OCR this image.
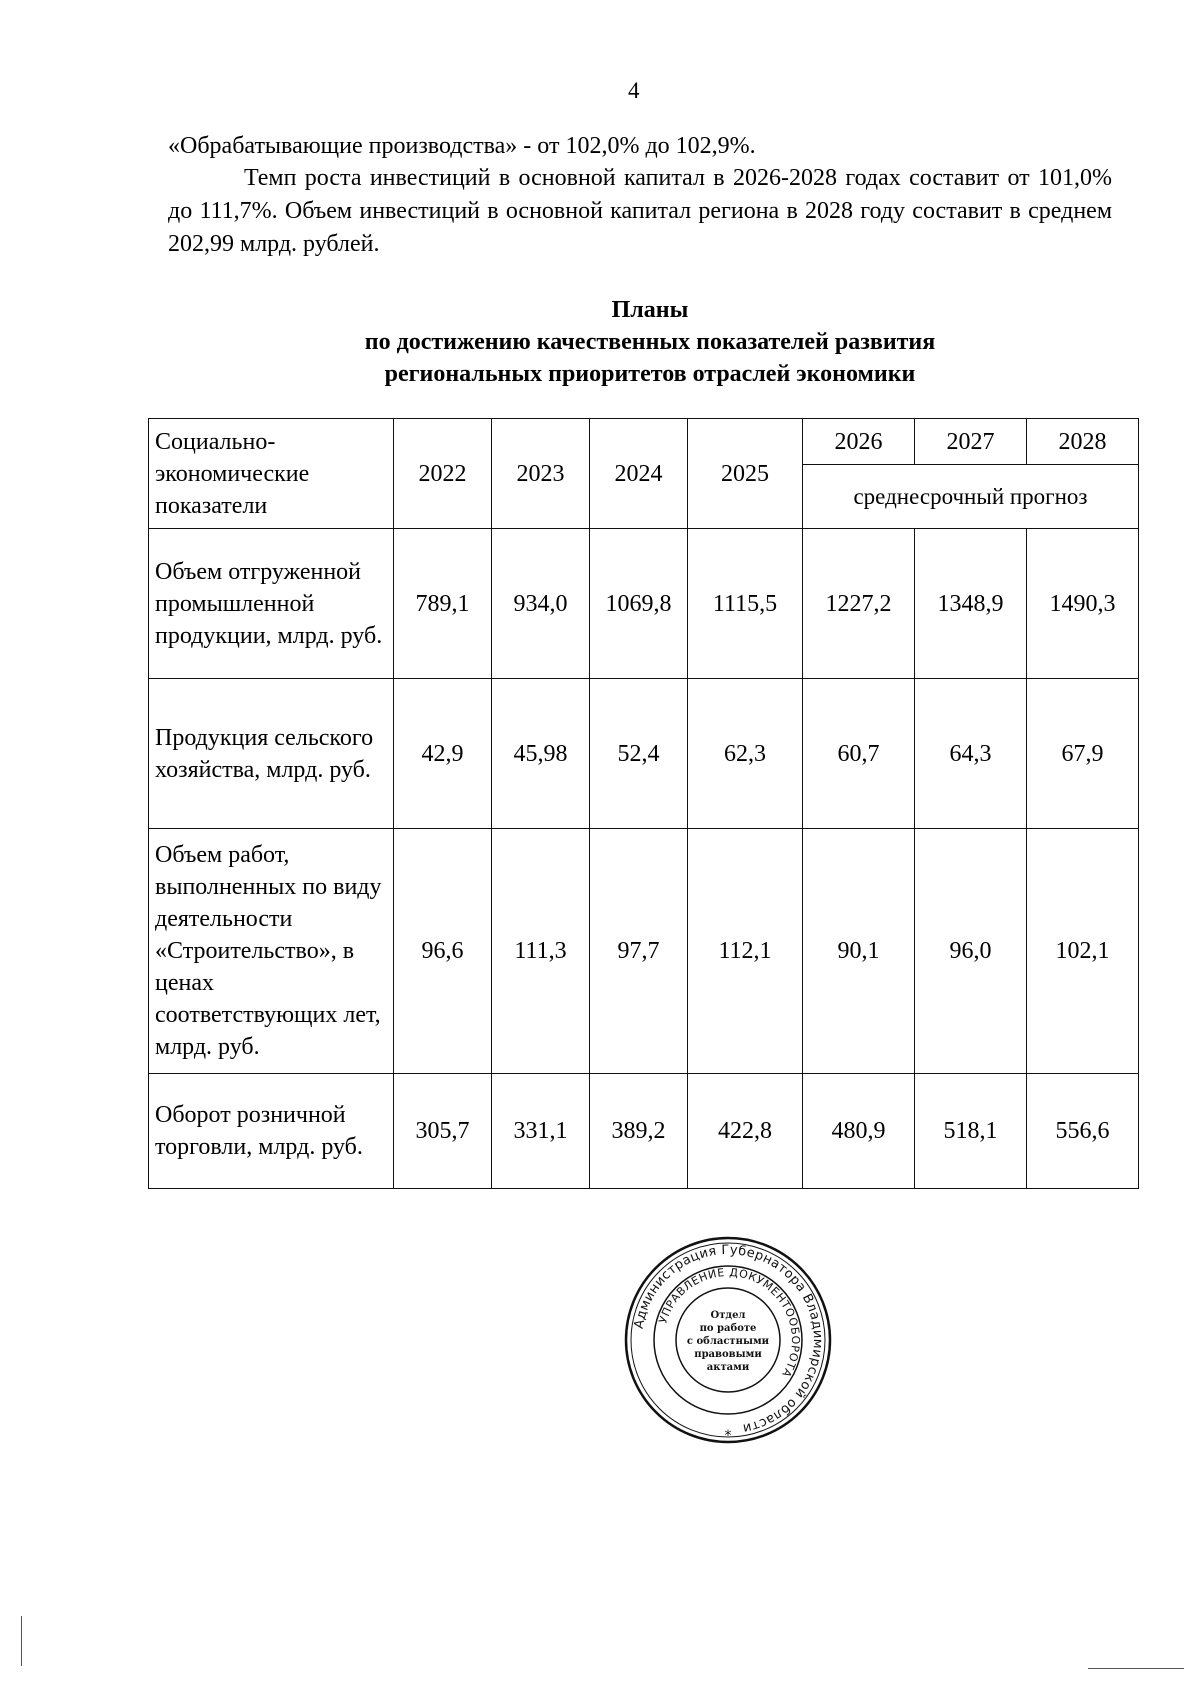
4

«Обрабатывающие производства» - от 102,0% до 102,9%.

Темп роста инвестиций в основной капитал в 2026-2028 годах составит от 101,0% до 111,7%. Объем инвестиций в основной капитал региона в 2028 году составит в среднем 202,99 млрд. рублей.

Планы
по достижению качественных показателей развития
региональных приоритетов отраслей экономики
Социально-экономические показатели	2022	2023	2024	2025	2026	2027	2028
					среднесрочный прогноз		
Объем отгруженной промышленной продукции, млрд. руб.	789,1	934,0	1069,8	1115,5	1227,2	1348,9	1490,3
Продукция сельского хозяйства, млрд. руб.	42,9	45,98	52,4	62,3	60,7	64,3	67,9
Объем работ, выполненных по виду деятельности «Строительство», в ценах соответствующих лет, млрд. руб.	96,6	111,3	97,7	112,1	90,1	96,0	102,1
Оборот розничной торговли, млрд. руб.	305,7	331,1	389,2	422,8	480,9	518,1	556,6
Администрация Губернатора Владимирской области
УПРАВЛЕНИЕ ДОКУМЕНТООБОРОТА
Отдел
по работе
с областными
правовыми
актами
*
